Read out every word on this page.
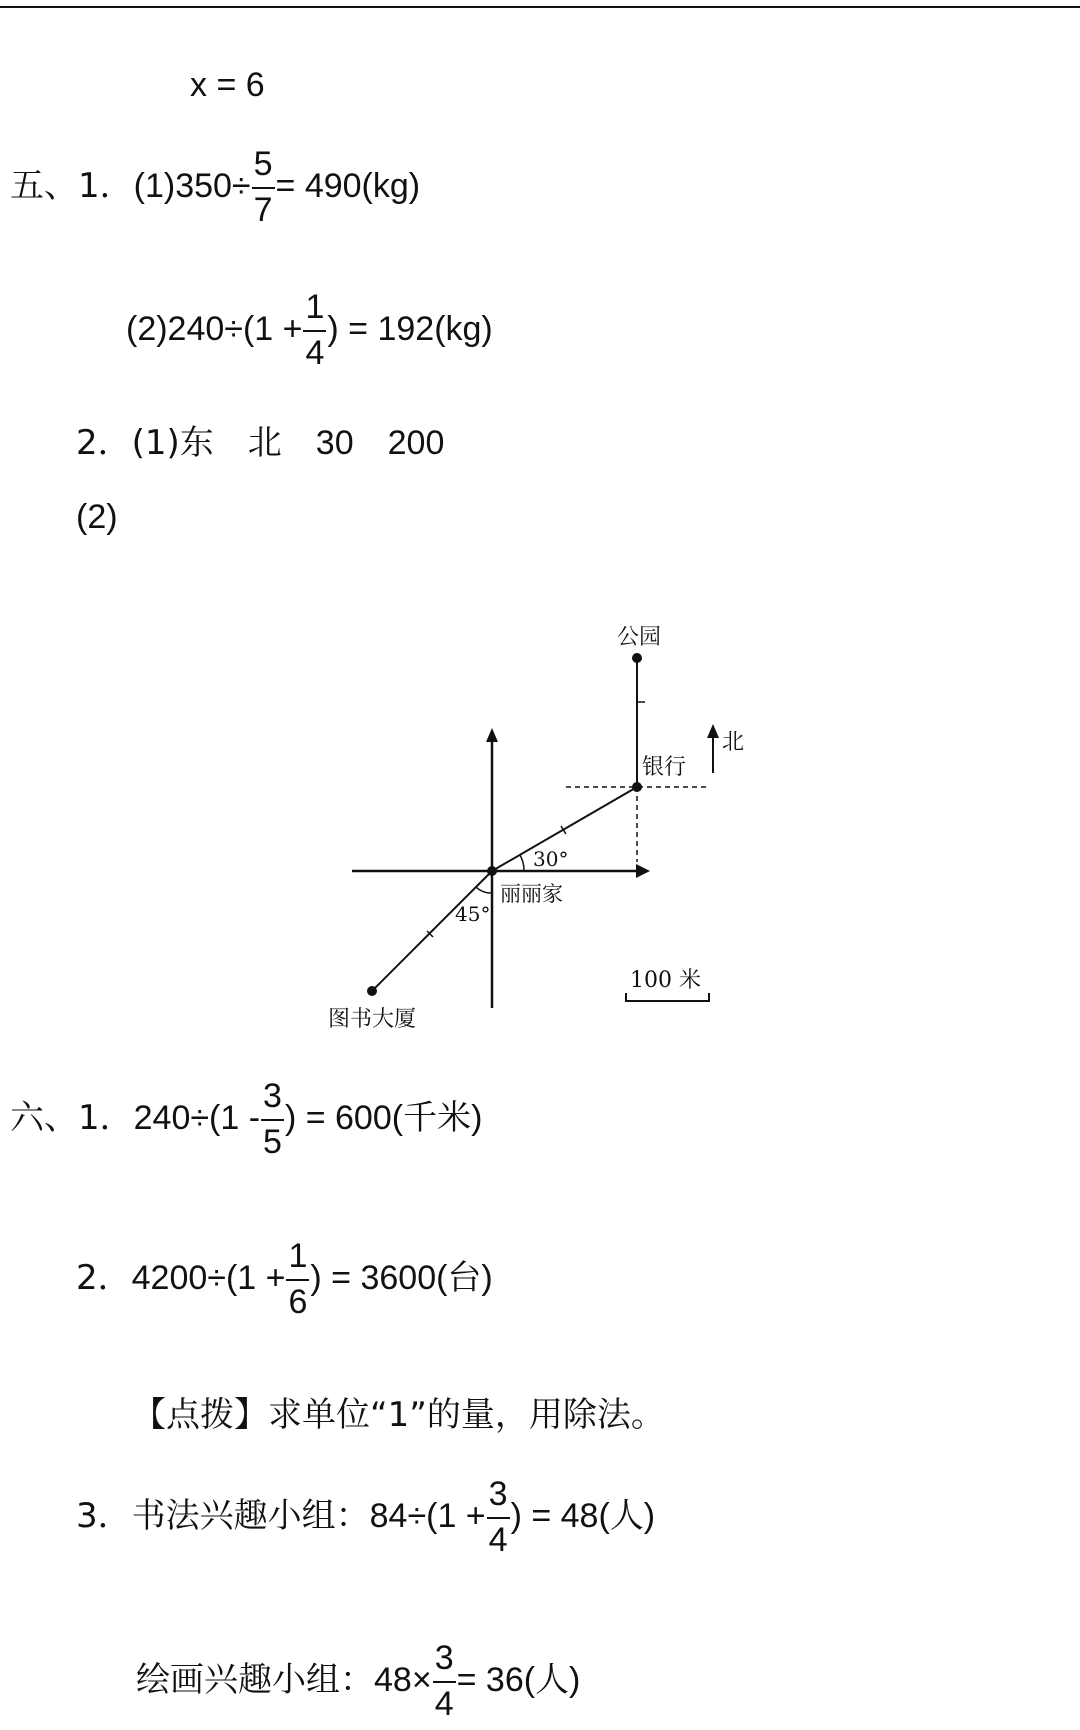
x = 6
五、1．$(1)350\div \frac{5}{7} = 490(kg)$
$(2)240\div(1 + \frac{1}{4}$ ) = 192(kg)
2．(1)东 北 30 200
(2)
公园
银行
北
丽丽家
图书大厦
30°
45°
100 米
六、1．$240\div(1 - \frac{3}{5}$ ) = 600(千米)
2．$4200\div(1 + \frac{1}{6}$ ) = 3600(台)
【点拨】求单位“1”的量，用除法。
3．书法兴趣小组：$84\div(1 + \frac{3}{4}$ ) = 48(人)
绘画兴趣小组：$48\times \frac{3}{4} = 36$(人)
